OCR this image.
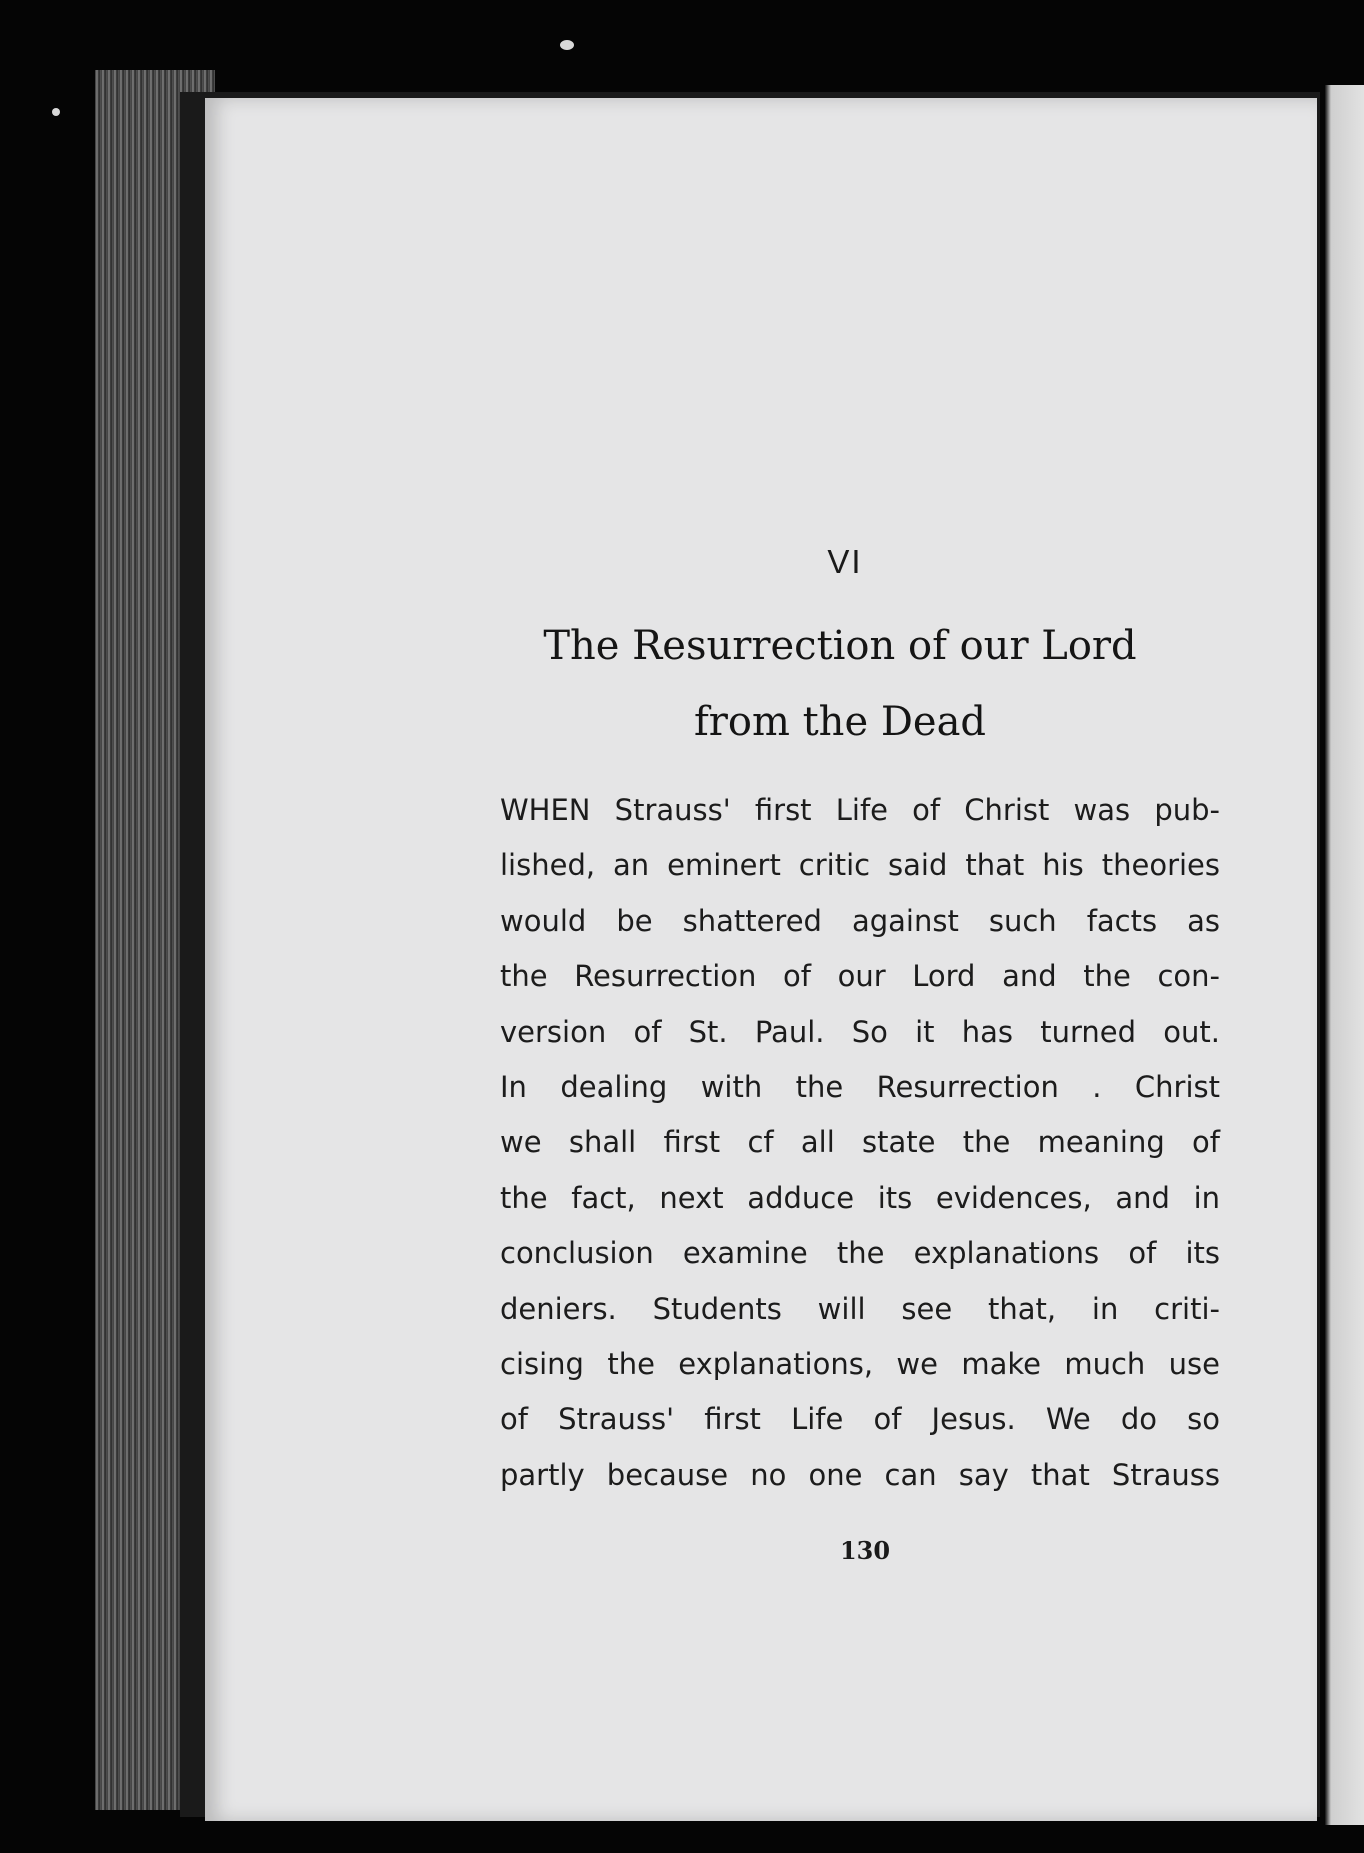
VI
The Resurrection of our Lord
from the Dead
WHEN Strauss' first Life of Christ was pub-
lished, an eminert critic said that his theories
would be shattered against such facts as
the Resurrection of our Lord and the con-
version of St. Paul. So it has turned out.
In dealing with the Resurrection . Christ
we shall first cf all state the meaning of
the fact, next adduce its evidences, and in
conclusion examine the explanations of its
deniers. Students will see that, in criti-
cising the explanations, we make much use
of Strauss' first Life of Jesus. We do so
partly because no one can say that Strauss
130
